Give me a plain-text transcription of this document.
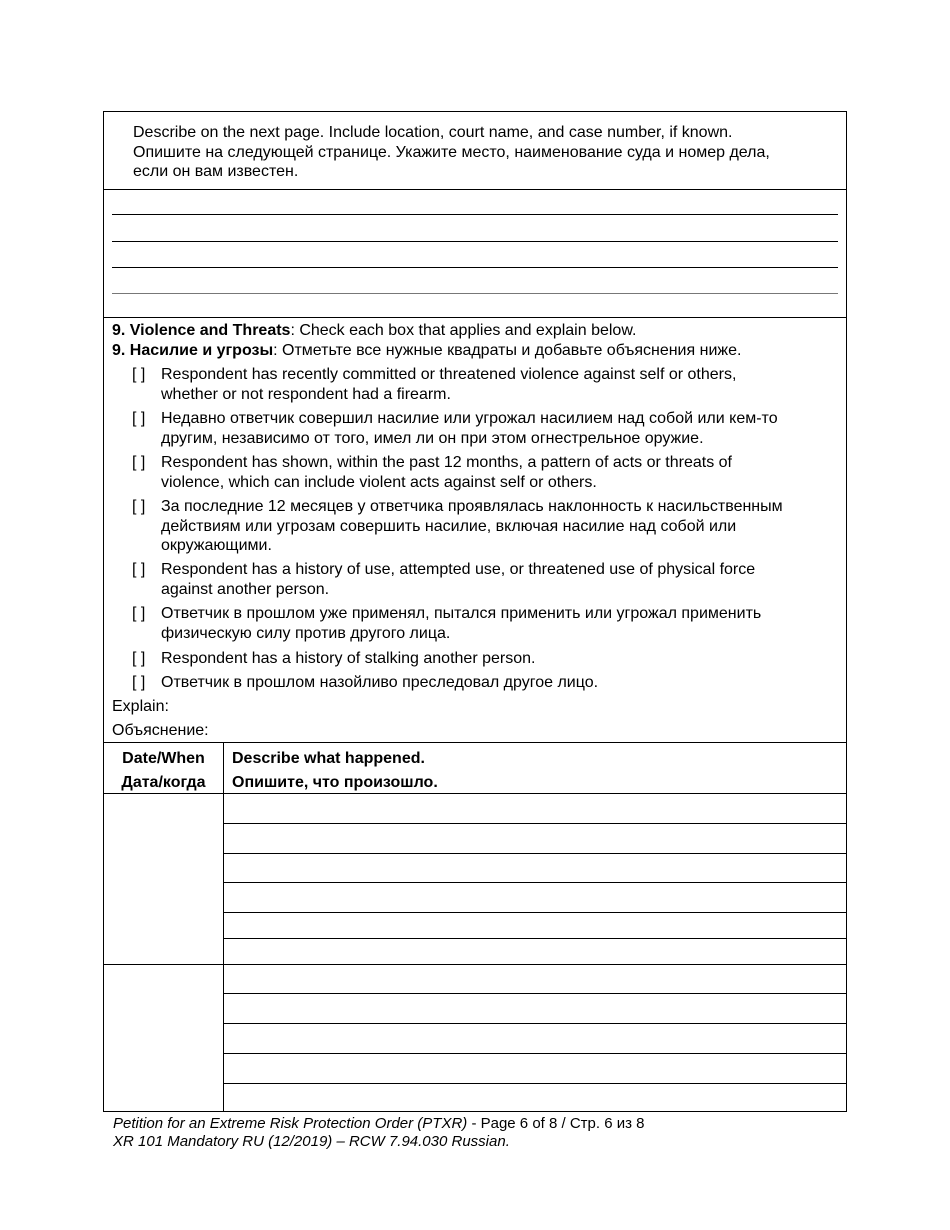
Describe on the next page. Include location, court name, and case number, if known.
Опишите на следующей странице. Укажите место, наименование суда и номер дела,
если он вам известен.
9. Violence and Threats: Check each box that applies and explain below.
9. Насилие и угрозы: Отметьте все нужные квадраты и добавьте объяснения ниже.
[ ] Respondent has recently committed or threatened violence against self or others,
whether or not respondent had a firearm.
[ ] Недавно ответчик совершил насилие или угрожал насилием над собой или кем-то
другим, независимо от того, имел ли он при этом огнестрельное оружие.
[ ] Respondent has shown, within the past 12 months, a pattern of acts or threats of
violence, which can include violent acts against self or others.
[ ] За последние 12 месяцев у ответчика проявлялась наклонность к насильственным
действиям или угрозам совершить насилие, включая насилие над собой или
окружающими.
[ ] Respondent has a history of use, attempted use, or threatened use of physical force
against another person.
[ ] Ответчик в прошлом уже применял, пытался применить или угрожал применить
физическую силу против другого лица.
[ ] Respondent has a history of stalking another person.
[ ] Ответчик в прошлом назойливо преследовал другое лицо.
Explain:
Объяснение:
Date/When
Дата/когда
Describe what happened.
Опишите, что произошло.
Petition for an Extreme Risk Protection Order (PTXR) - Page 6 of 8 / Стр. 6 из 8
XR 101 Mandatory RU (12/2019) – RCW 7.94.030 Russian.
